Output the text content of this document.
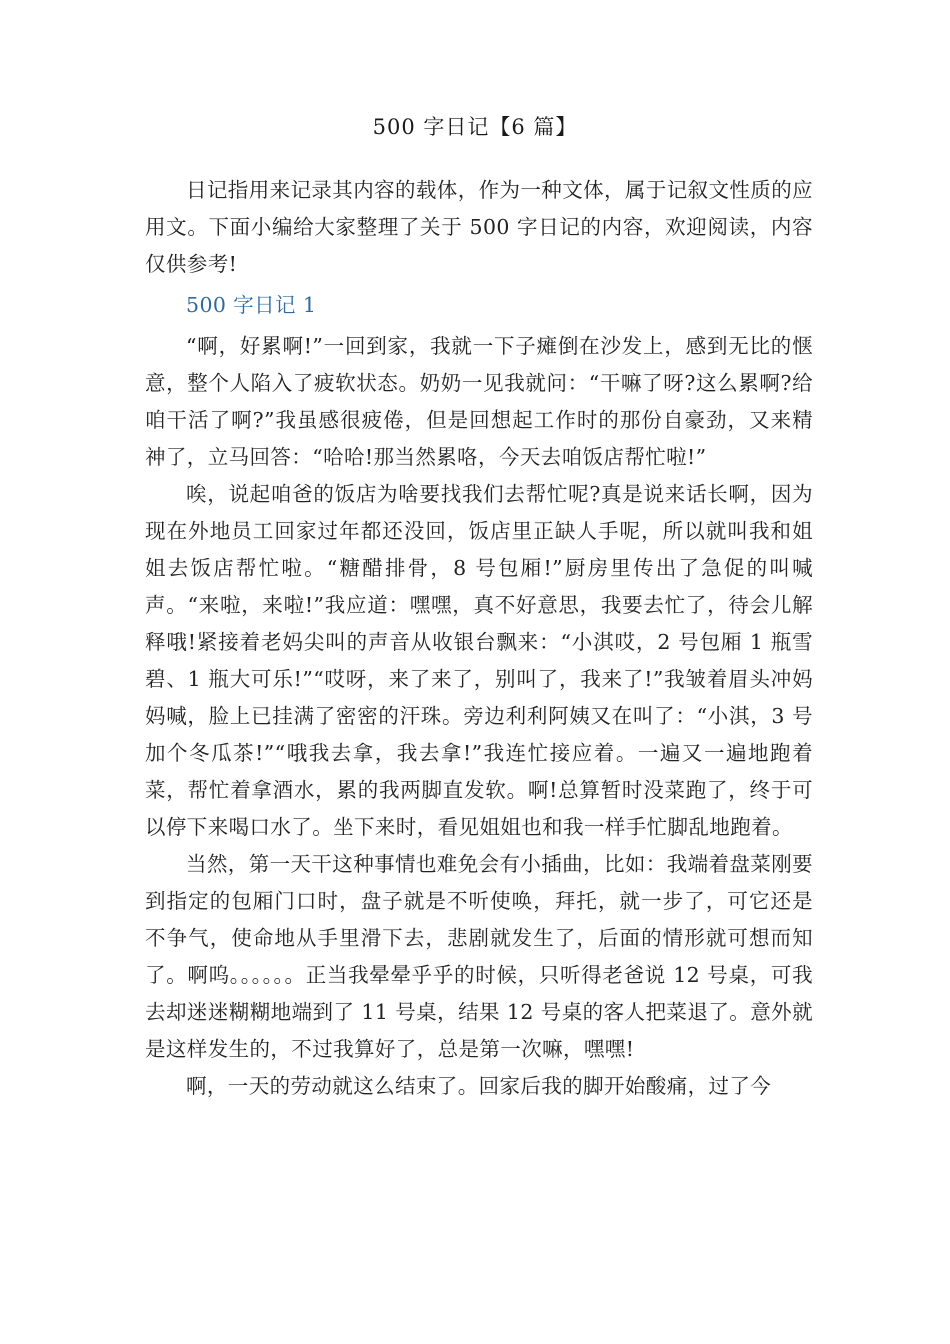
500 字日记【6 篇】

日记指用来记录其内容的载体，作为一种文体，属于记叙文性质的应用文。下面小编给大家整理了关于 500 字日记的内容，欢迎阅读，内容仅供参考!

500 字日记 1

“啊，好累啊!”一回到家，我就一下子瘫倒在沙发上，感到无比的惬意，整个人陷入了疲软状态。奶奶一见我就问：“干嘛了呀?这么累啊?给咱干活了啊?”我虽感很疲倦，但是回想起工作时的那份自豪劲，又来精神了，立马回答：“哈哈!那当然累咯，今天去咱饭店帮忙啦!”

唉，说起咱爸的饭店为啥要找我们去帮忙呢?真是说来话长啊，因为现在外地员工回家过年都还没回，饭店里正缺人手呢，所以就叫我和姐姐去饭店帮忙啦。“糖醋排骨，8 号包厢!”厨房里传出了急促的叫喊声。“来啦，来啦!”我应道：嘿嘿，真不好意思，我要去忙了，待会儿解释哦!紧接着老妈尖叫的声音从收银台飘来：“小淇哎，2 号包厢 1 瓶雪碧、1 瓶大可乐!”“哎呀，来了来了，别叫了，我来了!”我皱着眉头冲妈妈喊，脸上已挂满了密密的汗珠。旁边利利阿姨又在叫了：“小淇，3 号加个冬瓜茶!”“哦我去拿，我去拿!”我连忙接应着。一遍又一遍地跑着菜，帮忙着拿酒水，累的我两脚直发软。啊!总算暂时没菜跑了，终于可以停下来喝口水了。坐下来时，看见姐姐也和我一样手忙脚乱地跑着。

当然，第一天干这种事情也难免会有小插曲，比如：我端着盘菜刚要到指定的包厢门口时，盘子就是不听使唤，拜托，就一步了，可它还是不争气，使命地从手里滑下去，悲剧就发生了，后面的情形就可想而知了。啊呜。。。。。。正当我晕晕乎乎的时候，只听得老爸说 12 号桌，可我去却迷迷糊糊地端到了 11 号桌，结果 12 号桌的客人把菜退了。意外就是这样发生的，不过我算好了，总是第一次嘛，嘿嘿!

啊，一天的劳动就这么结束了。回家后我的脚开始酸痛，过了今
